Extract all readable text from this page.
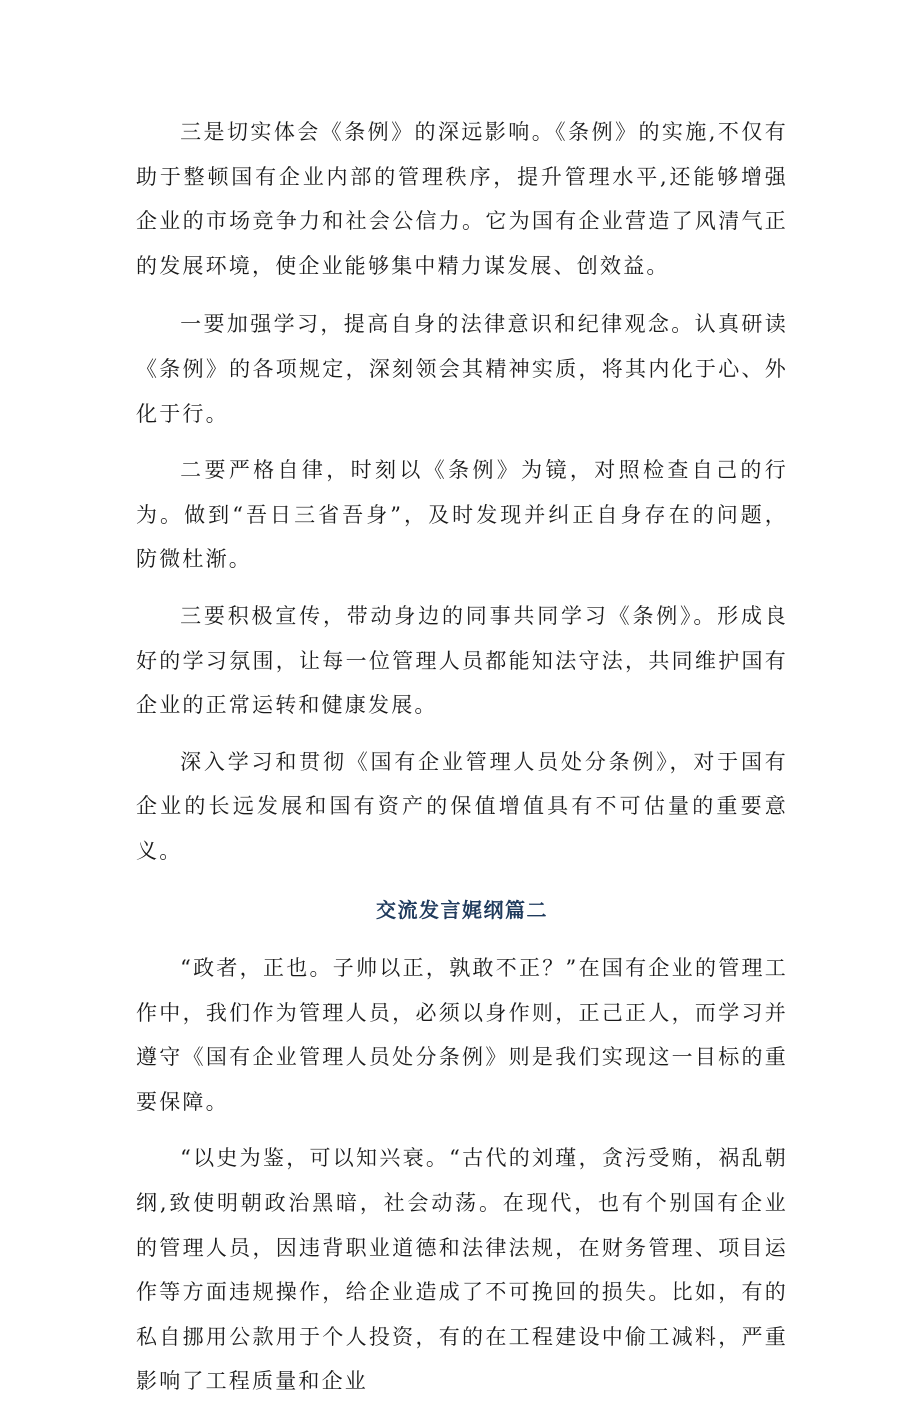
三是切实体会《条例》的深远影响。《条例》的实施,不仅有助于整顿国有企业内部的管理秩序，提升管理水平,还能够增强企业的市场竞争力和社会公信力。它为国有企业营造了风清气正的发展环境，使企业能够集中精力谋发展、创效益。

一要加强学习，提高自身的法律意识和纪律观念。认真研读《条例》的各项规定，深刻领会其精神实质，将其内化于心、外化于行。

二要严格自律，时刻以《条例》为镜，对照检查自己的行为。做到“吾日三省吾身”，及时发现并纠正自身存在的问题，防微杜渐。

三要积极宣传，带动身边的同事共同学习《条例》。形成良好的学习氛围，让每一位管理人员都能知法守法，共同维护国有企业的正常运转和健康发展。

深入学习和贯彻《国有企业管理人员处分条例》，对于国有企业的长远发展和国有资产的保值增值具有不可估量的重要意义。

交流发言娓纲篇二

“政者，正也。子帅以正，孰敢不正？”在国有企业的管理工作中，我们作为管理人员，必须以身作则，正己正人，而学习并遵守《国有企业管理人员处分条例》则是我们实现这一目标的重要保障。

“以史为鉴，可以知兴衰。“古代的刘瑾，贪污受贿，祸乱朝纲,致使明朝政治黑暗，社会动荡。在现代，也有个别国有企业的管理人员，因违背职业道德和法律法规，在财务管理、项目运作等方面违规操作，给企业造成了不可挽回的损失。比如，有的私自挪用公款用于个人投资，有的在工程建设中偷工减料，严重影响了工程质量和企业
